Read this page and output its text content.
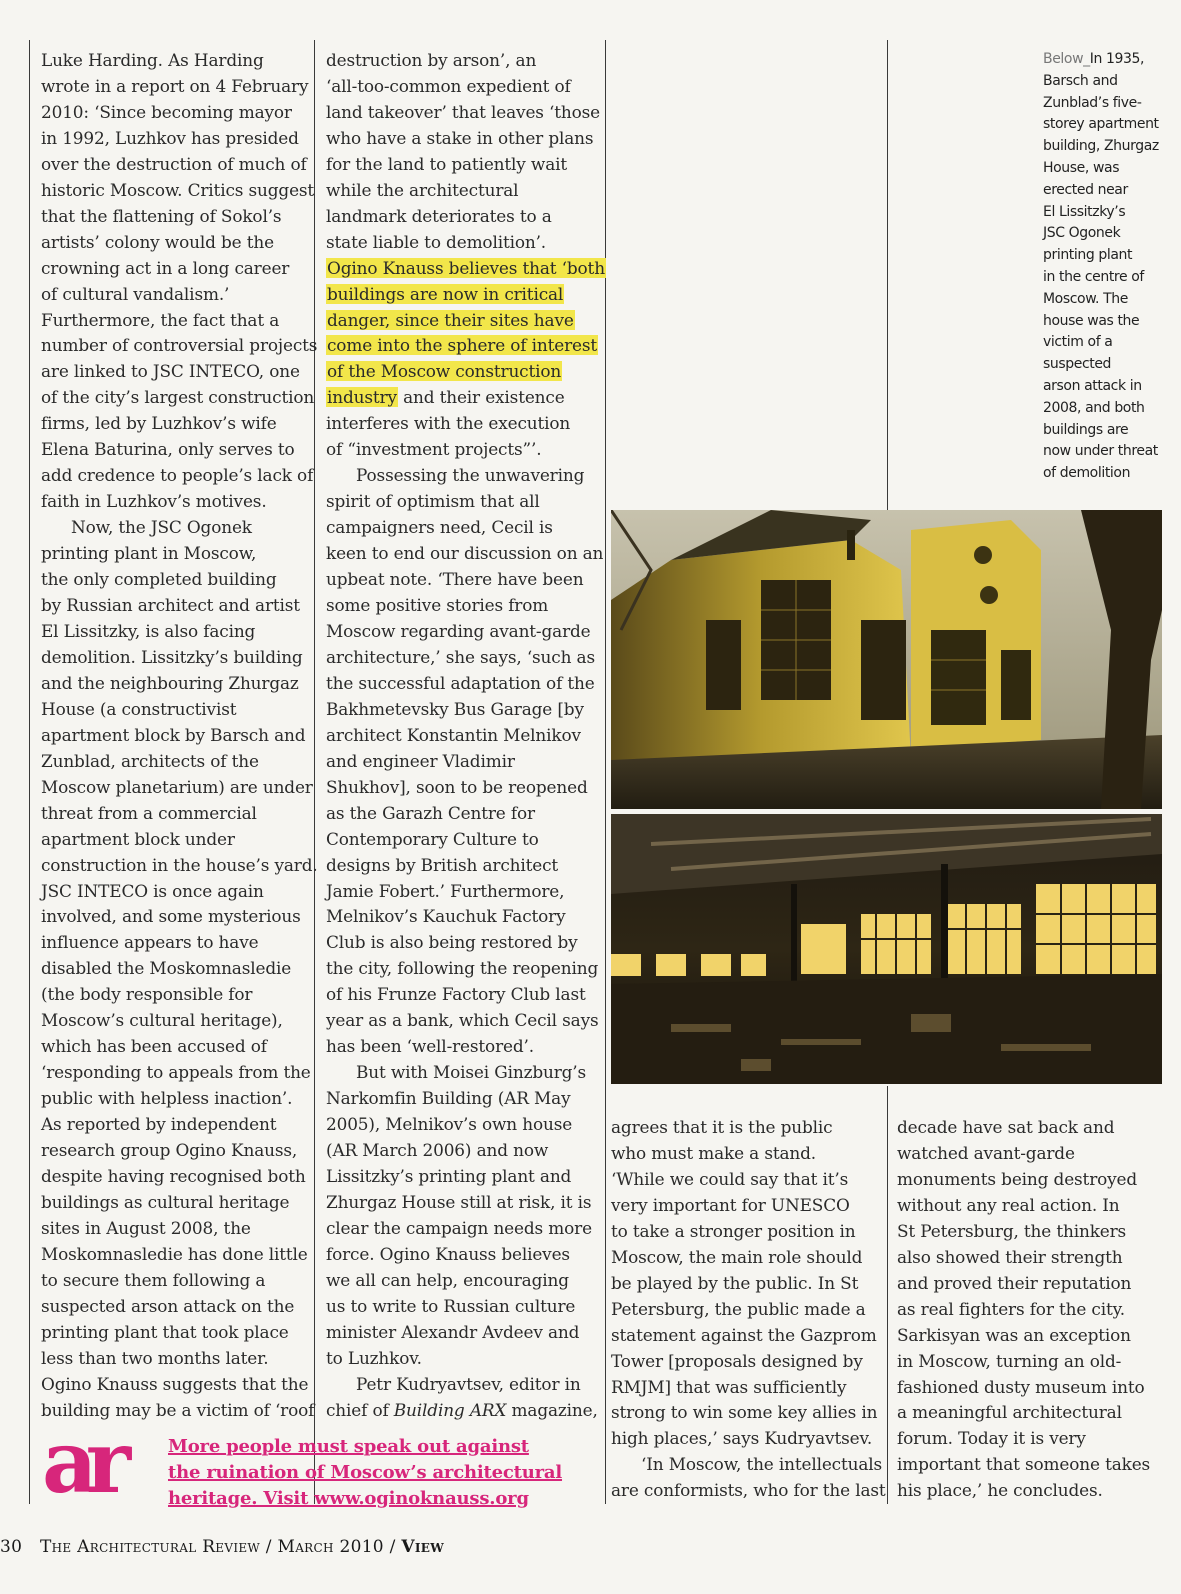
Luke Harding. As Harding

wrote in a report on 4 February

2010: ‘Since becoming mayor

in 1992, Luzhkov has presided

over the destruction of much of

historic Moscow. Critics suggest

that the flattening of Sokol’s

artists’ colony would be the

crowning act in a long career

of cultural vandalism.’

Furthermore, the fact that a

number of controversial projects

are linked to JSC INTECO, one

of the city’s largest construction

firms, led by Luzhkov’s wife

Elena Baturina, only serves to

add credence to people’s lack of

faith in Luzhkov’s motives.

Now, the JSC Ogonek

printing plant in Moscow,

the only completed building

by Russian architect and artist

El Lissitzky, is also facing

demolition. Lissitzky’s building

and the neighbouring Zhurgaz

House (a constructivist

apartment block by Barsch and

Zunblad, architects of the

Moscow planetarium) are under

threat from a commercial

apartment block under

construction in the house’s yard.

JSC INTECO is once again

involved, and some mysterious

influence appears to have

disabled the Moskomnasledie

(the body responsible for

Moscow’s cultural heritage),

which has been accused of

‘responding to appeals from the

public with helpless inaction’.

As reported by independent

research group Ogino Knauss,

despite having recognised both

buildings as cultural heritage

sites in August 2008, the

Moskomnasledie has done little

to secure them following a

suspected arson attack on the

printing plant that took place

less than two months later.

Ogino Knauss suggests that the

building may be a victim of ‘roof

destruction by arson’, an

‘all-too-common expedient of

land takeover’ that leaves ‘those

who have a stake in other plans

for the land to patiently wait

while the architectural

landmark deteriorates to a

state liable to demolition’.

Ogino Knauss believes that ‘both

buildings are now in critical

danger, since their sites have

come into the sphere of interest

of the Moscow construction

industry and their existence

interferes with the execution

of “investment projects”’.

Possessing the unwavering

spirit of optimism that all

campaigners need, Cecil is

keen to end our discussion on an

upbeat note. ‘There have been

some positive stories from

Moscow regarding avant-garde

architecture,’ she says, ‘such as

the successful adaptation of the

Bakhmetevsky Bus Garage [by

architect Konstantin Melnikov

and engineer Vladimir

Shukhov], soon to be reopened

as the Garazh Centre for

Contemporary Culture to

designs by British architect

Jamie Fobert.’ Furthermore,

Melnikov’s Kauchuk Factory

Club is also being restored by

the city, following the reopening

of his Frunze Factory Club last

year as a bank, which Cecil says

has been ‘well-restored’.

But with Moisei Ginzburg’s

Narkomfin Building (AR May

2005), Melnikov’s own house

(AR March 2006) and now

Lissitzky’s printing plant and

Zhurgaz House still at risk, it is

clear the campaign needs more

force. Ogino Knauss believes

we all can help, encouraging

us to write to Russian culture

minister Alexandr Avdeev and

to Luzhkov.

Petr Kudryavtsev, editor in

chief of Building ARX magazine,

Below_In 1935,
Barsch and
Zunblad’s five-
storey apartment
building, Zhurgaz
House, was
erected near
El Lissitzky’s
JSC Ogonek
printing plant
in the centre of
Moscow. The
house was the
victim of a
suspected
arson attack in
2008, and both
buildings are
now under threat
of demolition

agrees that it is the public

who must make a stand.

‘While we could say that it’s

very important for UNESCO

to take a stronger position in

Moscow, the main role should

be played by the public. In St

Petersburg, the public made a

statement against the Gazprom

Tower [proposals designed by

RMJM] that was sufficiently

strong to win some key allies in

high places,’ says Kudryavtsev.

‘In Moscow, the intellectuals

are conformists, who for the last

decade have sat back and

watched avant-garde

monuments being destroyed

without any real action. In

St Petersburg, the thinkers

also showed their strength

and proved their reputation

as real fighters for the city.

Sarkisyan was an exception

in Moscow, turning an old-

fashioned dusty museum into

a meaningful architectural

forum. Today it is very

important that someone takes

his place,’ he concludes.

ar	More people must speak out against
the ruination of Moscow’s architectural
heritage. Visit www.oginoknauss.org
30 The Architectural Review / March 2010 / View
